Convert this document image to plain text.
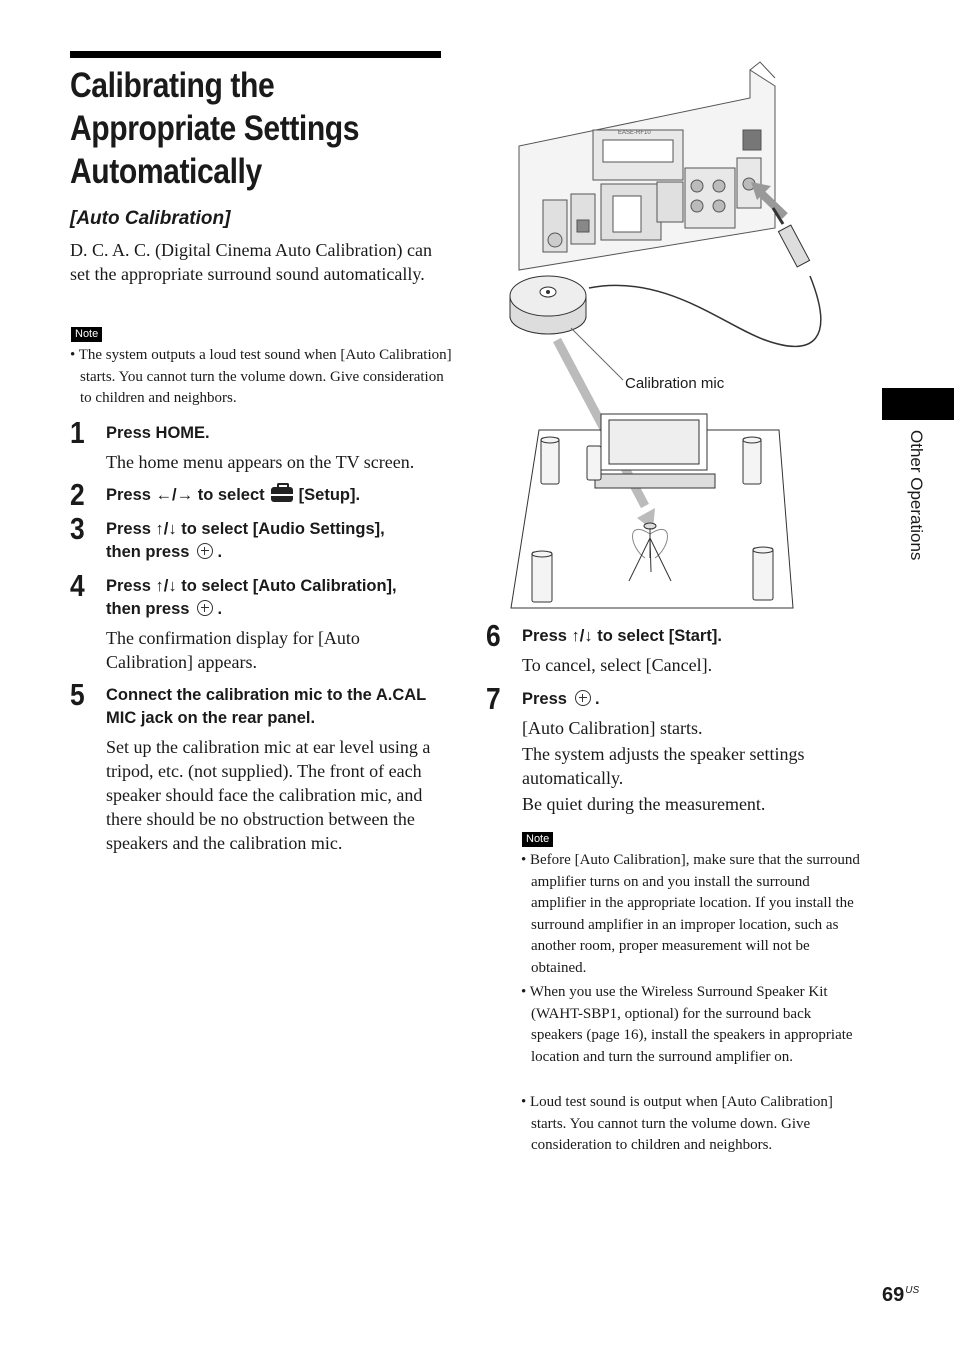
Calibrating the Appropriate Settings Automatically
[Auto Calibration]
D. C. A. C. (Digital Cinema Auto Calibration) can set the appropriate surround sound automatically.
Note
• The system outputs a loud test sound when [Auto Calibration] starts. You cannot turn the volume down. Give consideration to children and neighbors.
1 Press HOME.
The home menu appears on the TV screen.
2 Press ←/→ to select [Setup].
3 Press ↑/↓ to select [Audio Settings],
then press .
4 Press ↑/↓ to select [Auto Calibration],
then press .
The confirmation display for [Auto Calibration] appears.
5 Connect the calibration mic to the A.CAL MIC jack on the rear panel.
Set up the calibration mic at ear level using a tripod, etc. (not supplied). The front of each speaker should face the calibration mic, and there should be no obstruction between the speakers and the calibration mic.
EASE-RF10
Calibration mic
6 Press ↑/↓ to select [Start].
To cancel, select [Cancel].
7 Press .
[Auto Calibration] starts.
The system adjusts the speaker settings automatically.
Be quiet during the measurement.
Note
• Before [Auto Calibration], make sure that the surround amplifier turns on and you install the surround amplifier in the appropriate location. If you install the surround amplifier in an improper location, such as another room, proper measurement will not be obtained.
• When you use the Wireless Surround Speaker Kit (WAHT-SBP1, optional) for the surround back speakers (page 16), install the speakers in appropriate location and turn the surround amplifier on.
• Loud test sound is output when [Auto Calibration] starts. You cannot turn the volume down. Give consideration to children and neighbors.
Other Operations
$69^{US}$
